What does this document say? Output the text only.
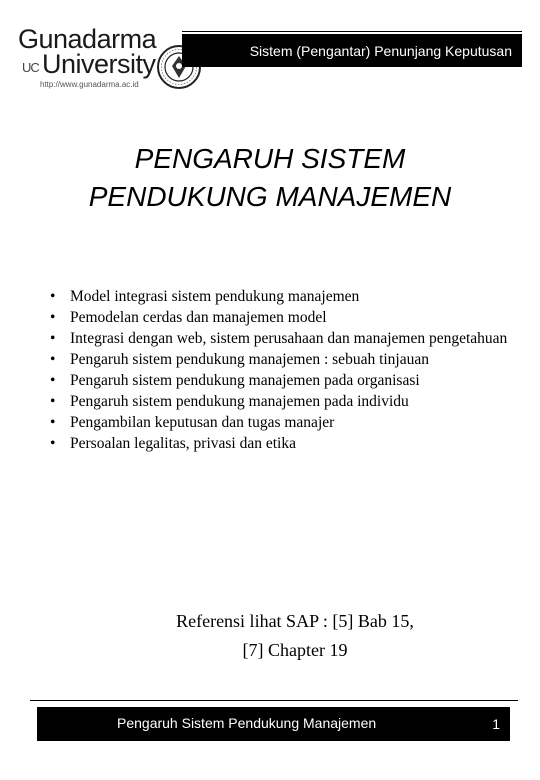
Gunadarma
UC University
http://www.gunadarma.ac.id
Sistem (Pengantar) Penunjang Keputusan
PENGARUH SISTEM
PENDUKUNG MANAJEMEN
• Model integrasi sistem pendukung manajemen
• Pemodelan cerdas dan manajemen model
• Integrasi dengan web, sistem perusahaan dan manajemen pengetahuan
• Pengaruh sistem pendukung manajemen : sebuah tinjauan
• Pengaruh sistem pendukung manajemen pada organisasi
• Pengaruh sistem pendukung manajemen pada individu
• Pengambilan keputusan dan tugas manajer
• Persoalan legalitas, privasi dan etika
Referensi lihat SAP : [5] Bab 15,
[7] Chapter 19
Pengaruh Sistem Pendukung Manajemen	1
